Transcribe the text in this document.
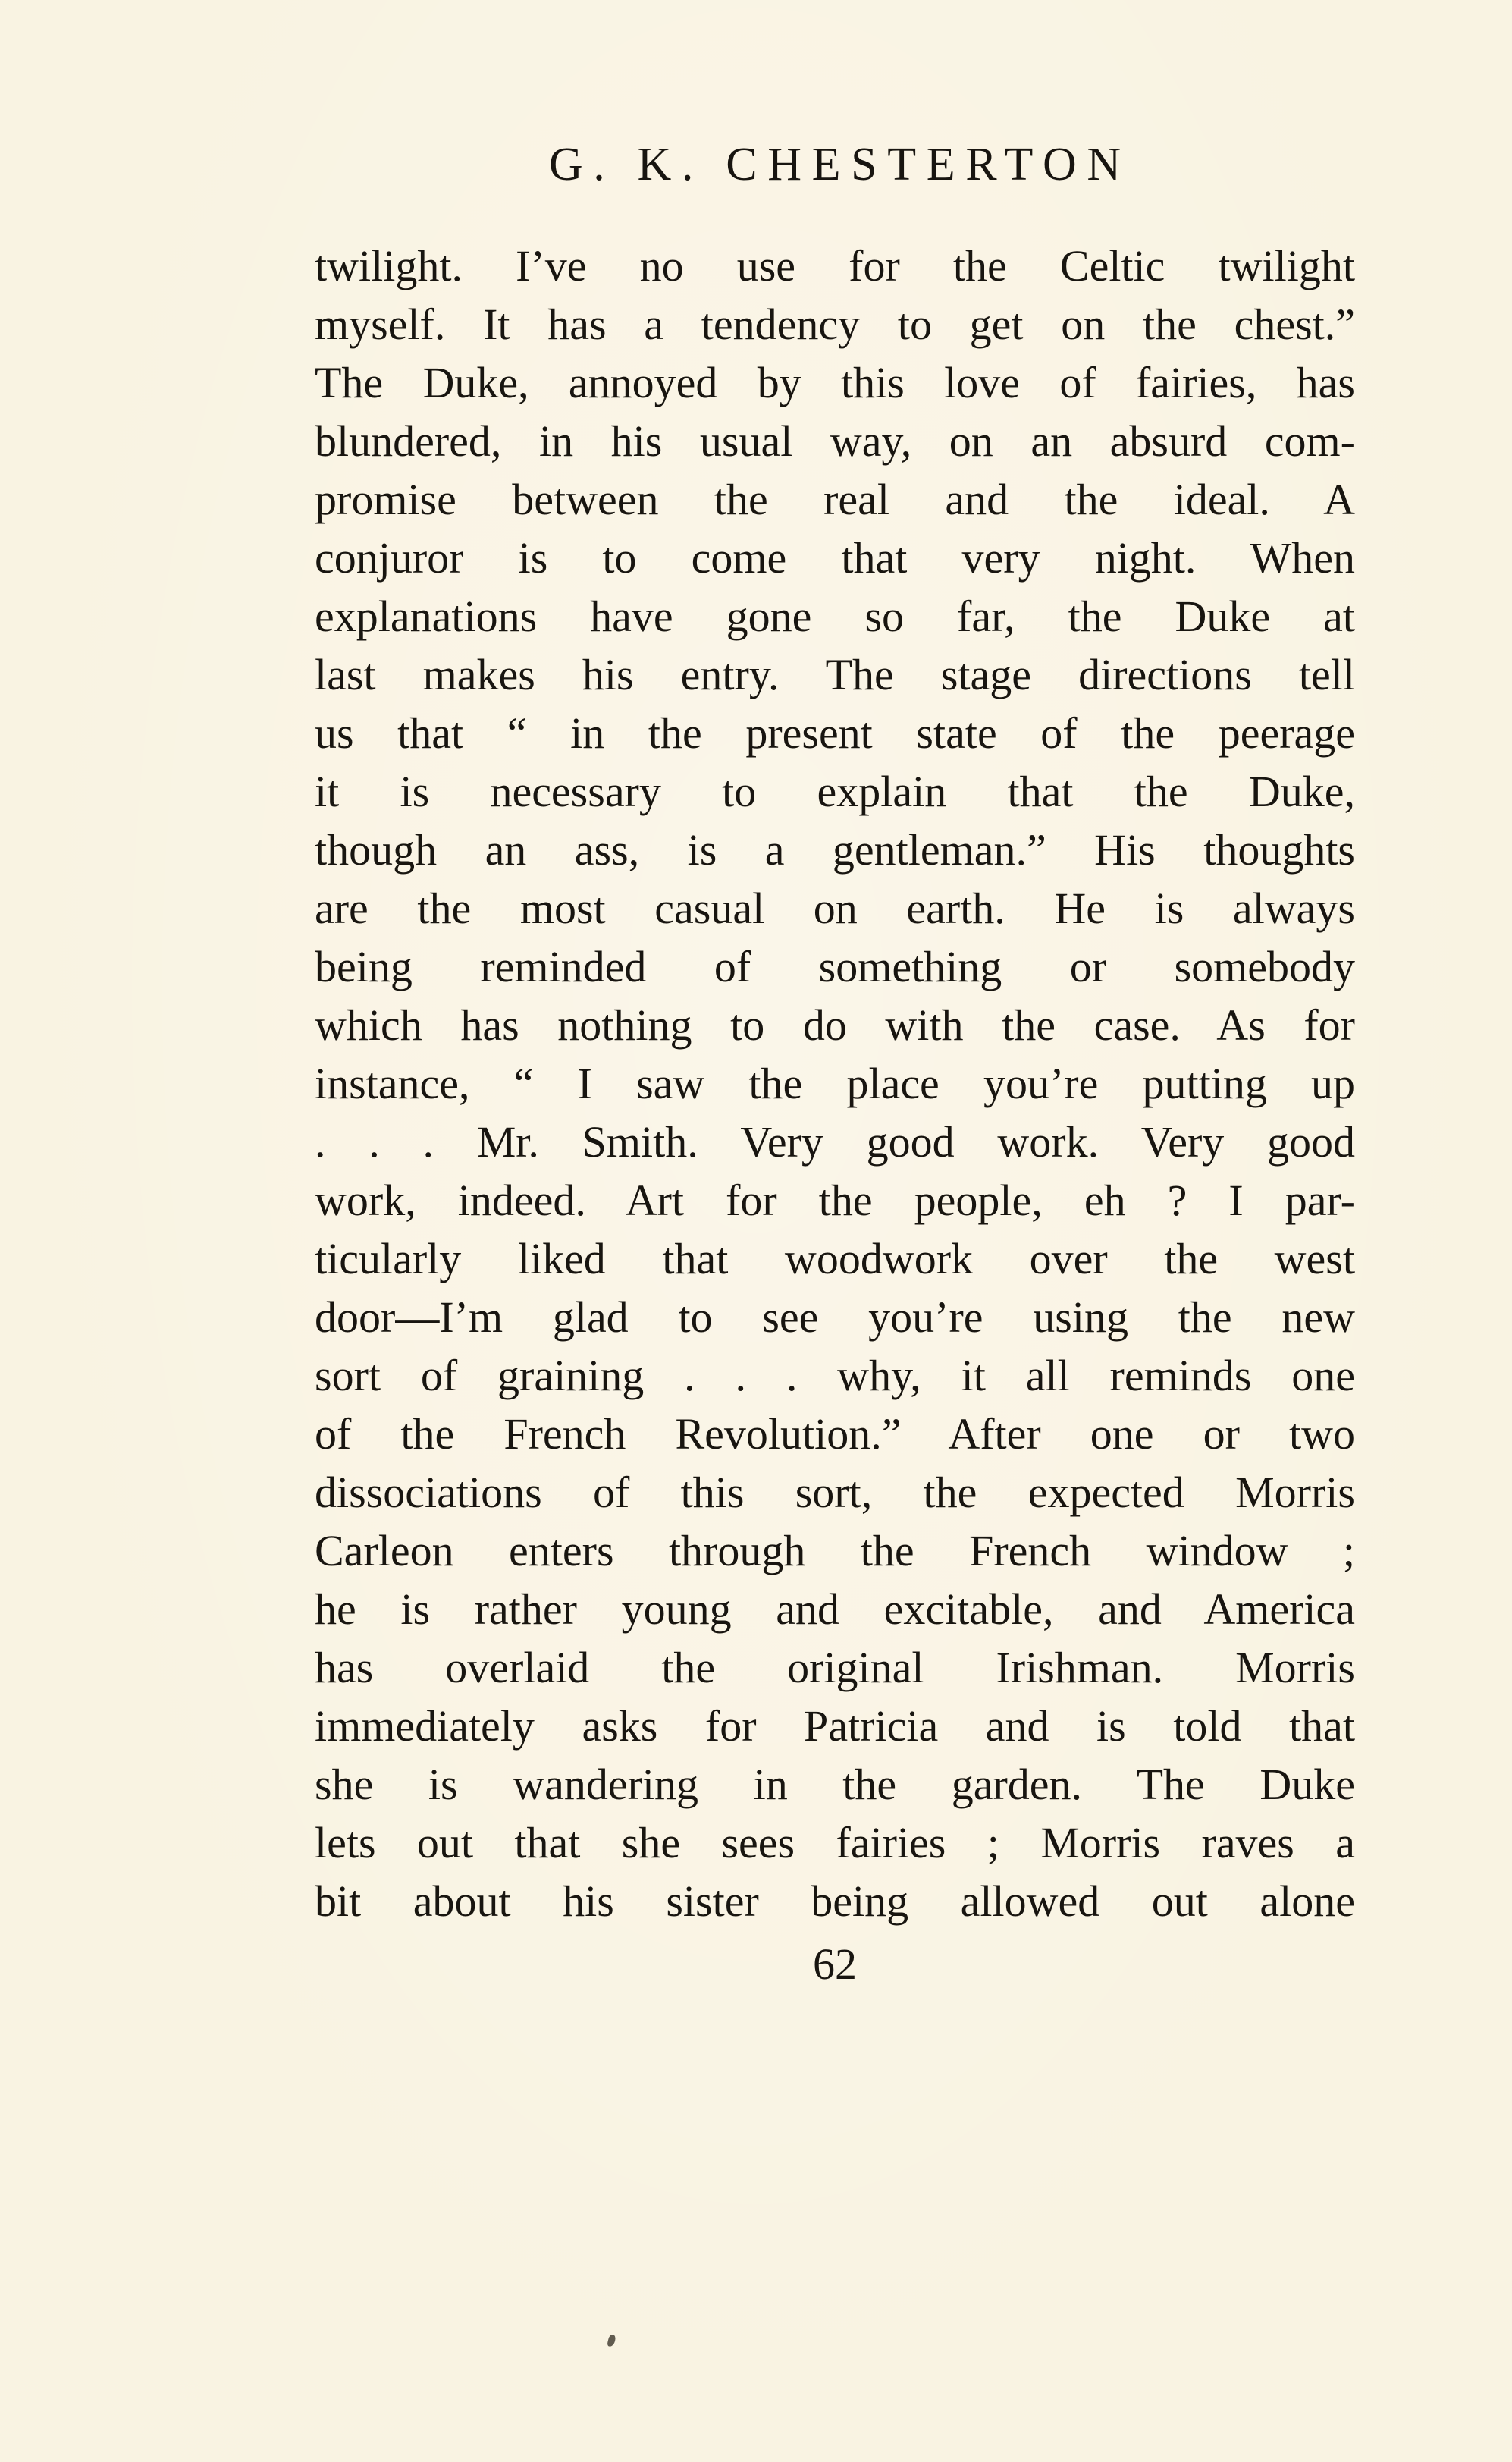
G. K. CHESTERTON
twilight. I’ve no use for the Celtic twilight
myself. It has a tendency to get on the chest.”
The Duke, annoyed by this love of fairies, has
blundered, in his usual way, on an absurd com-
promise between the real and the ideal. A
conjuror is to come that very night. When
explanations have gone so far, the Duke at
last makes his entry. The stage directions tell
us that “ in the present state of the peerage
it is necessary to explain that the Duke,
though an ass, is a gentleman.” His thoughts
are the most casual on earth. He is always
being reminded of something or somebody
which has nothing to do with the case. As for
instance, “ I saw the place you’re putting up
. . . Mr. Smith. Very good work. Very good
work, indeed. Art for the people, eh ? I par-
ticularly liked that woodwork over the west
door—I’m glad to see you’re using the new
sort of graining . . . why, it all reminds one
of the French Revolution.” After one or two
dissociations of this sort, the expected Morris
Carleon enters through the French window ;
he is rather young and excitable, and America
has overlaid the original Irishman. Morris
immediately asks for Patricia and is told that
she is wandering in the garden. The Duke
lets out that she sees fairies ; Morris raves a
bit about his sister being allowed out alone
62
